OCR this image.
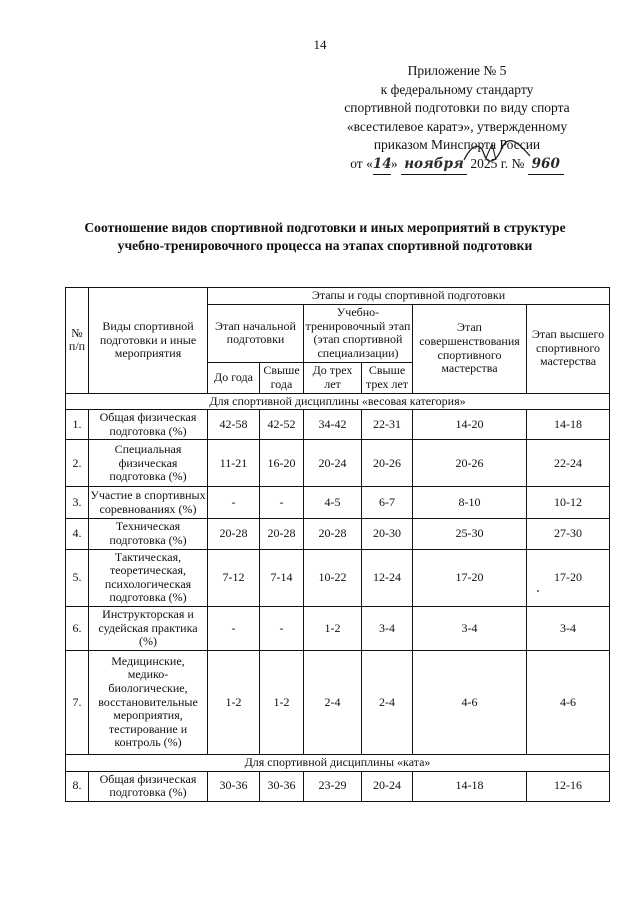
14
Приложение № 5
к федеральному стандарту
спортивной подготовки по виду спорта
«всестилевое каратэ», утвержденному
приказом Минспорта России
от «14» ноября 2025 г. № 960
Соотношение видов спортивной подготовки и иных мероприятий в структуре
учебно-тренировочного процесса на этапах спортивной подготовки
№ п/п	Виды спортивной подготовки и иные мероприятия	Этапы и годы спортивной подготовки					
		Этап начальной подготовки		Учебно-тренировочный этап (этап спортивной специализации)		Этап совершенствования спортивного мастерства	Этап высшего спортивного мастерства
		До года	Свыше года	До трех лет	Свыше трех лет		
Для спортивной дисциплины «весовая категория»							
1.	Общая физическая подготовка (%)	42-58	42-52	34-42	22-31	14-20	14-18
2.	Специальная физическая подготовка (%)	11-21	16-20	20-24	20-26	20-26	22-24
3.	Участие в спортивных соревнованиях (%)	-	-	4-5	6-7	8-10	10-12
4.	Техническая подготовка (%)	20-28	20-28	20-28	20-30	25-30	27-30
5.	Тактическая, теоретическая, психологическая подготовка (%)	7-12	7-14	10-22	12-24	17-20	17-20
6.	Инструкторская и судейская практика (%)	-	-	1-2	3-4	3-4	3-4
7.	Медицинские, медико-биологические, восстановительные мероприятия, тестирование и контроль (%)	1-2	1-2	2-4	2-4	4-6	4-6
Для спортивной дисциплины «ката»							
8.	Общая физическая подготовка (%)	30-36	30-36	23-29	20-24	14-18	12-16
